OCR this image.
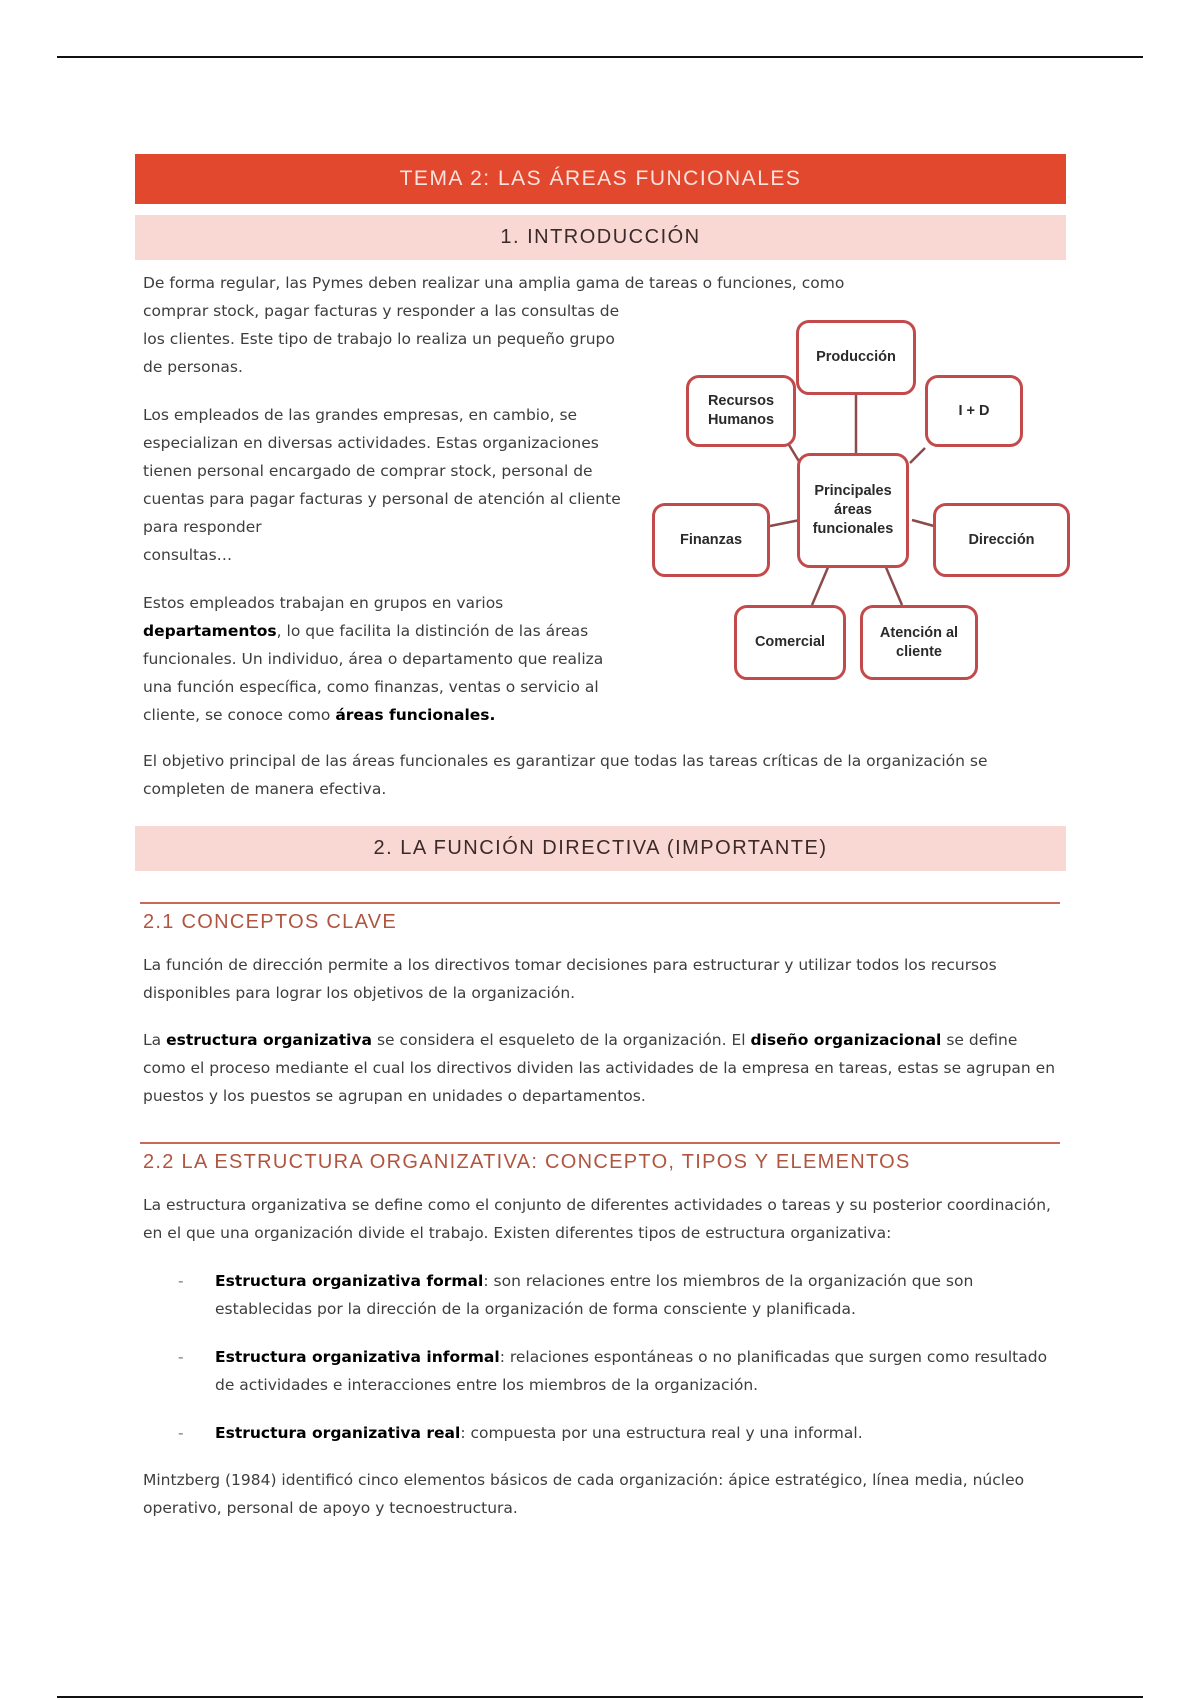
TEMA 2: LAS ÁREAS FUNCIONALES
1. INTRODUCCIÓN

De forma regular, las Pymes deben realizar una amplia gama de tareas o funciones, como

comprar stock, pagar facturas y responder a las consultas de los clientes. Este tipo de trabajo lo realiza un pequeño grupo de personas.

Los empleados de las grandes empresas, en cambio, se especializan en diversas actividades. Estas organizaciones tienen personal encargado de comprar stock, personal de cuentas para pagar facturas y personal de atención al cliente para responder
consultas…

Estos empleados trabajan en grupos en varios departamentos, lo que facilita la distinción de las áreas funcionales. Un individuo, área o departamento que realiza una función específica, como finanzas, ventas o servicio al cliente, se conoce como áreas funcionales.

Principales áreas funcionales
Producción
Recursos Humanos
I + D
Finanzas	Dirección
Comercial
Atención al cliente

El objetivo principal de las áreas funcionales es garantizar que todas las tareas críticas de la organización se completen de manera efectiva.

2. LA FUNCIÓN DIRECTIVA (IMPORTANTE)
2.1 CONCEPTOS CLAVE

La función de dirección permite a los directivos tomar decisiones para estructurar y utilizar todos los recursos disponibles para lograr los objetivos de la organización.

La estructura organizativa se considera el esqueleto de la organización. El diseño organizacional se define como el proceso mediante el cual los directivos dividen las actividades de la empresa en tareas, estas se agrupan en puestos y los puestos se agrupan en unidades o departamentos.

2.2 LA ESTRUCTURA ORGANIZATIVA: CONCEPTO, TIPOS Y ELEMENTOS

La estructura organizativa se define como el conjunto de diferentes actividades o tareas y su posterior coordinación, en el que una organización divide el trabajo. Existen diferentes tipos de estructura organizativa:

- Estructura organizativa formal: son relaciones entre los miembros de la organización que son establecidas por la dirección de la organización de forma consciente y planificada.
- Estructura organizativa informal: relaciones espontáneas o no planificadas que surgen como resultado de actividades e interacciones entre los miembros de la organización.
- Estructura organizativa real: compuesta por una estructura real y una informal.

Mintzberg (1984) identificó cinco elementos básicos de cada organización: ápice estratégico, línea media, núcleo operativo, personal de apoyo y tecnoestructura.
